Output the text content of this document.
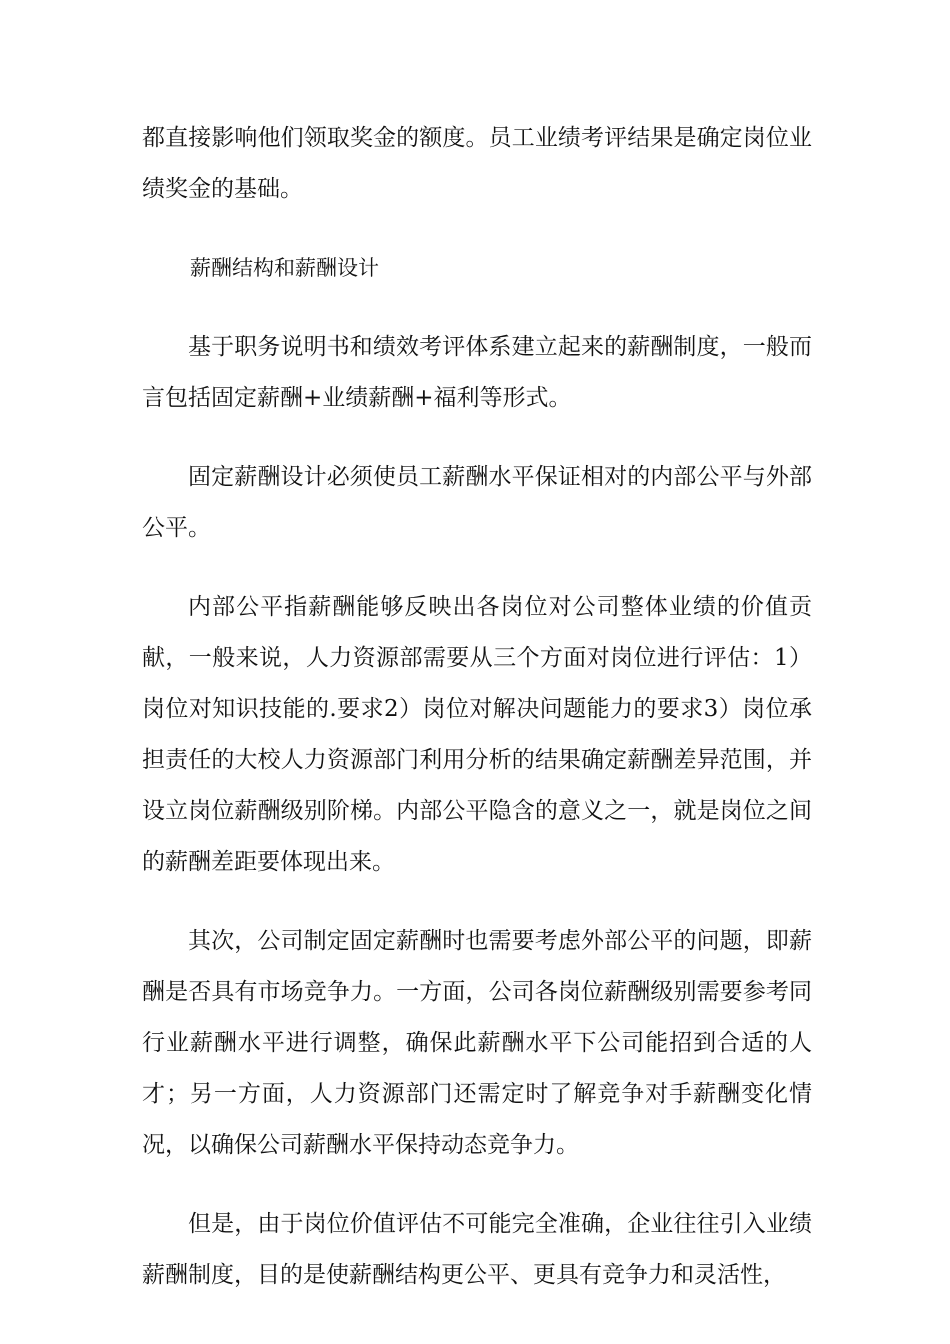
都直接影响他们领取奖金的额度。员工业绩考评结果是确定岗位业绩奖金的基础。

薪酬结构和薪酬设计

基于职务说明书和绩效考评体系建立起来的薪酬制度，一般而言包括固定薪酬+业绩薪酬+福利等形式。

固定薪酬设计必须使员工薪酬水平保证相对的内部公平与外部公平。

内部公平指薪酬能够反映出各岗位对公司整体业绩的价值贡献，一般来说，人力资源部需要从三个方面对岗位进行评估：1）岗位对知识技能的.要求2）岗位对解决问题能力的要求3）岗位承担责任的大校人力资源部门利用分析的结果确定薪酬差异范围，并设立岗位薪酬级别阶梯。内部公平隐含的意义之一，就是岗位之间的薪酬差距要体现出来。

其次，公司制定固定薪酬时也需要考虑外部公平的问题，即薪酬是否具有市场竞争力。一方面，公司各岗位薪酬级别需要参考同行业薪酬水平进行调整，确保此薪酬水平下公司能招到合适的人才；另一方面，人力资源部门还需定时了解竞争对手薪酬变化情况，以确保公司薪酬水平保持动态竞争力。

但是，由于岗位价值评估不可能完全准确，企业往往引入业绩薪酬制度，目的是使薪酬结构更公平、更具有竞争力和灵活性，
